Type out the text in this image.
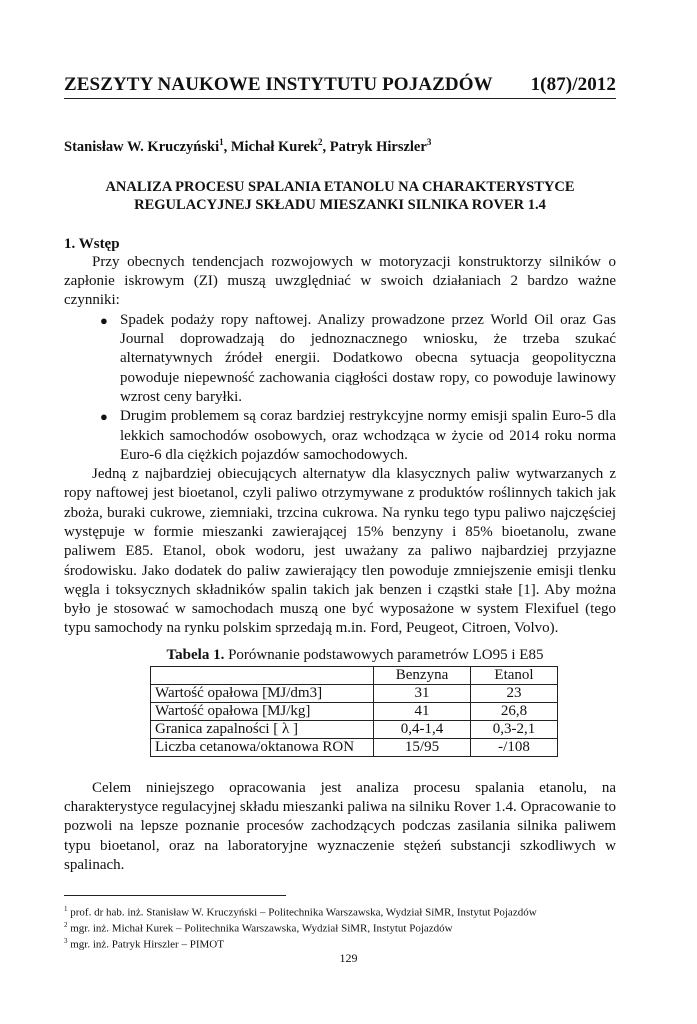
ZESZYTY NAUKOWE INSTYTUTU POJAZDÓW 1(87)/2012
Stanisław W. Kruczyński$^1$, Michał Kurek$^2$, Patryk Hirszler$^3$
ANALIZA PROCESU SPALANIA ETANOLU NA CHARAKTERYSTYCE
REGULACYJNEJ SKŁADU MIESZANKI SILNIKA ROVER 1.4
1. Wstęp

Przy obecnych tendencjach rozwojowych w motoryzacji konstruktorzy silników o zapłonie iskrowym (ZI) muszą uwzględniać w swoich działaniach 2 bardzo ważne czynniki:

● Spadek podaży ropy naftowej. Analizy prowadzone przez World Oil oraz Gas Journal doprowadzają do jednoznacznego wniosku, że trzeba szukać alternatywnych źródeł energii. Dodatkowo obecna sytuacja geopolityczna powoduje niepewność zachowania ciągłości dostaw ropy, co powoduje lawinowy wzrost ceny baryłki.
● Drugim problemem są coraz bardziej restrykcyjne normy emisji spalin Euro-5 dla lekkich samochodów osobowych, oraz wchodząca w życie od 2014 roku norma Euro-6 dla ciężkich pojazdów samochodowych.

Jedną z najbardziej obiecujących alternatyw dla klasycznych paliw wytwarzanych z ropy naftowej jest bioetanol, czyli paliwo otrzymywane z produktów roślinnych takich jak zboża, buraki cukrowe, ziemniaki, trzcina cukrowa. Na rynku tego typu paliwo najczęściej występuje w formie mieszanki zawierającej 15% benzyny i 85% bioetanolu, zwane paliwem E85. Etanol, obok wodoru, jest uważany za paliwo najbardziej przyjazne środowisku. Jako dodatek do paliw zawierający tlen powoduje zmniejszenie emisji tlenku węgla i toksycznych składników spalin takich jak benzen i cząstki stałe [1]. Aby można było je stosować w samochodach muszą one być wyposażone w system Flexifuel (tego typu samochody na rynku polskim sprzedają m.in. Ford, Peugeot, Citroen, Volvo).

Tabela 1. Porównanie podstawowych parametrów LO95 i E85
	Benzyna	Etanol
Wartość opałowa [MJ/dm3]	31	23
Wartość opałowa [MJ/kg]	41	26,8
Granica zapalności [ λ ]	0,4-1,4	0,3-2,1
Liczba cetanowa/oktanowa RON	15/95	-/108

Celem niniejszego opracowania jest analiza procesu spalania etanolu, na charakterystyce regulacyjnej składu mieszanki paliwa na silniku Rover 1.4. Opracowanie to pozwoli na lepsze poznanie procesów zachodzących podczas zasilania silnika paliwem typu bioetanol, oraz na laboratoryjne wyznaczenie stężeń substancji szkodliwych w spalinach.

$^1$ prof. dr hab. inż. Stanisław W. Kruczyński – Politechnika Warszawska, Wydział SiMR, Instytut Pojazdów
$^2$ mgr. inż. Michał Kurek – Politechnika Warszawska, Wydział SiMR, Instytut Pojazdów
$^3$ mgr. inż. Patryk Hirszler – PIMOT
129
